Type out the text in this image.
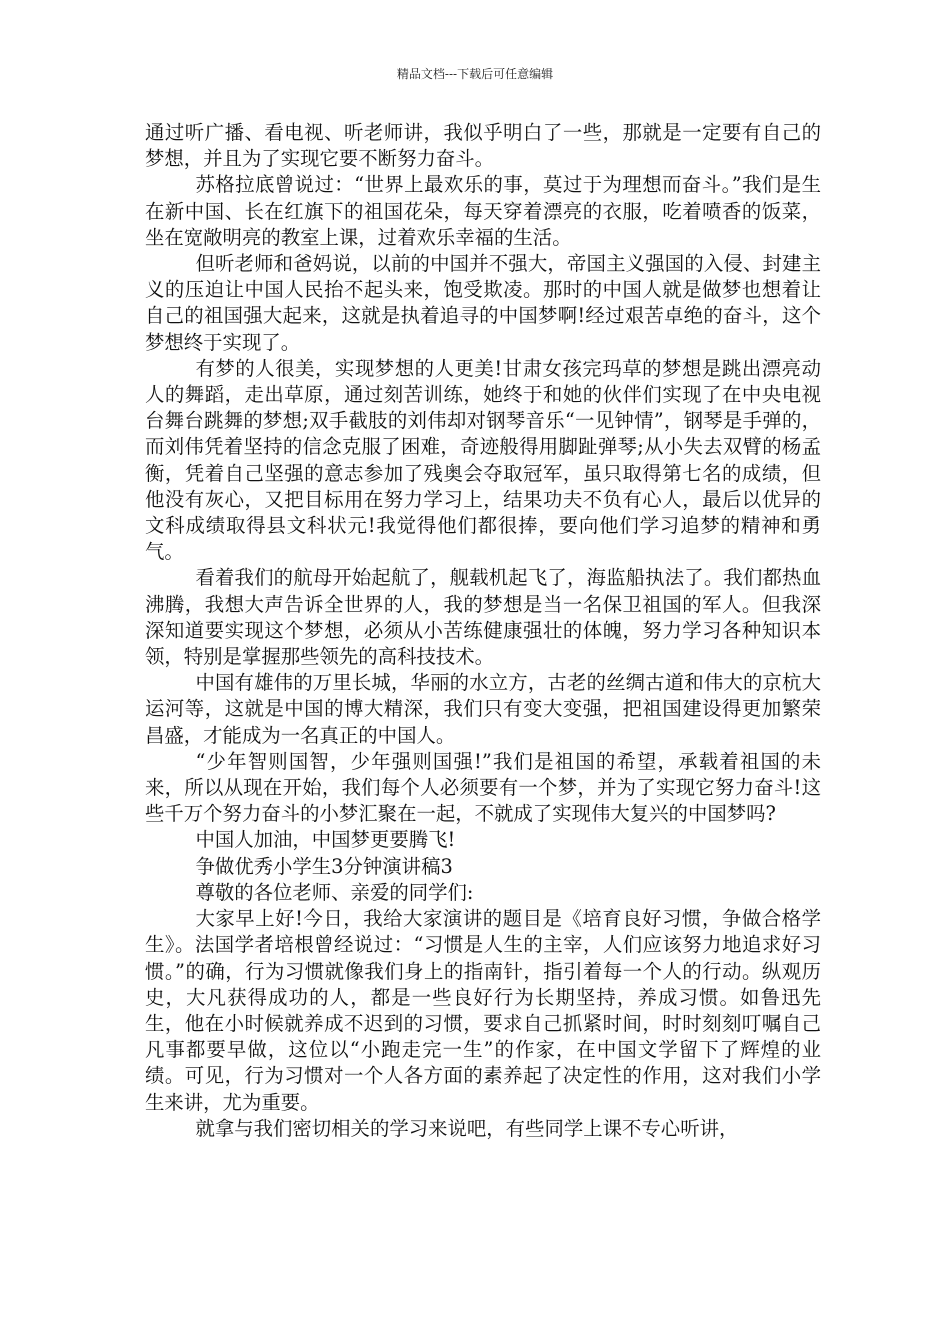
精品文档---下载后可任意编辑

通过听广播、看电视、听老师讲，我似乎明白了一些，那就是一定要有自己的梦想，并且为了实现它要不断努力奋斗。

苏格拉底曾说过：“世界上最欢乐的事，莫过于为理想而奋斗。”我们是生在新中国、长在红旗下的祖国花朵，每天穿着漂亮的衣服，吃着喷香的饭菜，坐在宽敞明亮的教室上课，过着欢乐幸福的生活。

但听老师和爸妈说，以前的中国并不强大，帝国主义强国的入侵、封建主义的压迫让中国人民抬不起头来，饱受欺凌。那时的中国人就是做梦也想着让自己的祖国强大起来，这就是执着追寻的中国梦啊!经过艰苦卓绝的奋斗，这个梦想终于实现了。

有梦的人很美，实现梦想的人更美!甘肃女孩完玛草的梦想是跳出漂亮动人的舞蹈，走出草原，通过刻苦训练，她终于和她的伙伴们实现了在中央电视台舞台跳舞的梦想;双手截肢的刘伟却对钢琴音乐“一见钟情”，钢琴是手弹的，而刘伟凭着坚持的信念克服了困难，奇迹般得用脚趾弹琴;从小失去双臂的杨孟衡，凭着自己坚强的意志参加了残奥会夺取冠军，虽只取得第七名的成绩，但他没有灰心，又把目标用在努力学习上，结果功夫不负有心人，最后以优异的文科成绩取得县文科状元!我觉得他们都很捧，要向他们学习追梦的精神和勇气。

看着我们的航母开始起航了，舰载机起飞了，海监船执法了。我们都热血沸腾，我想大声告诉全世界的人，我的梦想是当一名保卫祖国的军人。但我深深知道要实现这个梦想，必须从小苦练健康强壮的体魄，努力学习各种知识本领，特别是掌握那些领先的高科技技术。

中国有雄伟的万里长城，华丽的水立方，古老的丝绸古道和伟大的京杭大运河等，这就是中国的博大精深，我们只有变大变强，把祖国建设得更加繁荣昌盛，才能成为一名真正的中国人。

“少年智则国智，少年强则国强!”我们是祖国的希望，承载着祖国的未来，所以从现在开始，我们每个人必须要有一个梦，并为了实现它努力奋斗!这些千万个努力奋斗的小梦汇聚在一起，不就成了实现伟大复兴的中国梦吗?

中国人加油，中国梦更要腾飞!

争做优秀小学生3分钟演讲稿3

尊敬的各位老师、亲爱的同学们:

大家早上好!今日，我给大家演讲的题目是《培育良好习惯，争做合格学生》。法国学者培根曾经说过：“习惯是人生的主宰，人们应该努力地追求好习惯。”的确，行为习惯就像我们身上的指南针，指引着每一个人的行动。纵观历史，大凡获得成功的人，都是一些良好行为长期坚持，养成习惯。如鲁迅先生，他在小时候就养成不迟到的习惯，要求自己抓紧时间，时时刻刻叮嘱自己凡事都要早做，这位以“小跑走完一生”的作家，在中国文学留下了辉煌的业绩。可见，行为习惯对一个人各方面的素养起了决定性的作用，这对我们小学生来讲，尤为重要。

就拿与我们密切相关的学习来说吧，有些同学上课不专心听讲，
